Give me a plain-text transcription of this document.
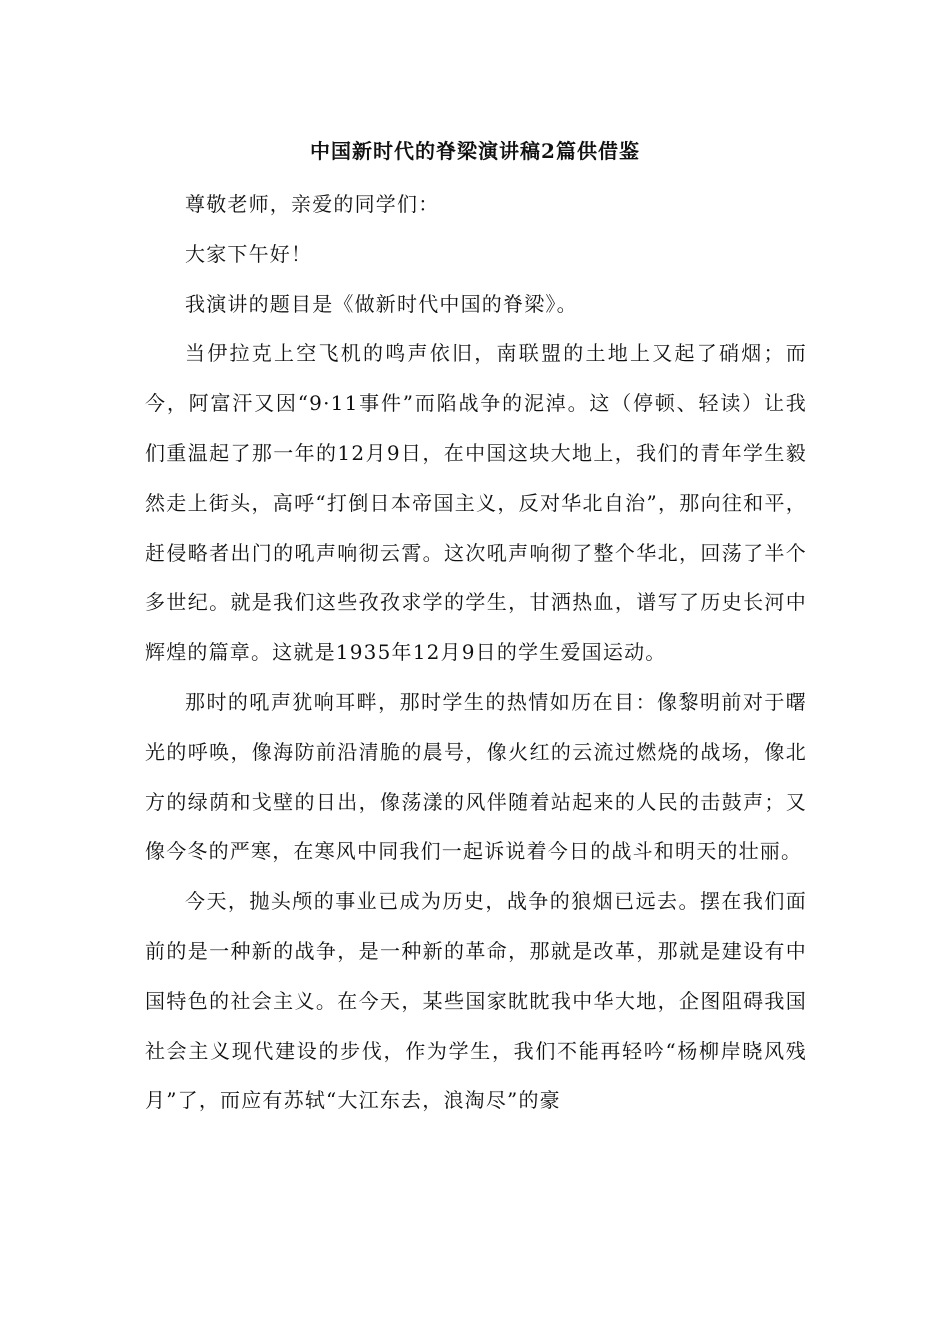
中国新时代的脊梁演讲稿2篇供借鉴

尊敬老师，亲爱的同学们：

大家下午好！

我演讲的题目是《做新时代中国的脊梁》。

当伊拉克上空飞机的鸣声依旧，南联盟的土地上又起了硝烟；而今，阿富汗又因“9·11事件”而陷战争的泥淖。这（停顿、轻读）让我们重温起了那一年的12月9日，在中国这块大地上，我们的青年学生毅然走上街头，高呼“打倒日本帝国主义，反对华北自治”，那向往和平，赶侵略者出门的吼声响彻云霄。这次吼声响彻了整个华北，回荡了半个多世纪。就是我们这些孜孜求学的学生，甘洒热血，谱写了历史长河中辉煌的篇章。这就是1935年12月9日的学生爱国运动。

那时的吼声犹响耳畔，那时学生的热情如历在目：像黎明前对于曙光的呼唤，像海防前沿清脆的晨号，像火红的云流过燃烧的战场，像北方的绿荫和戈壁的日出，像荡漾的风伴随着站起来的人民的击鼓声；又像今冬的严寒，在寒风中同我们一起诉说着今日的战斗和明天的壮丽。

今天，抛头颅的事业已成为历史，战争的狼烟已远去。摆在我们面前的是一种新的战争，是一种新的革命，那就是改革，那就是建设有中国特色的社会主义。在今天，某些国家眈眈我中华大地，企图阻碍我国社会主义现代建设的步伐，作为学生，我们不能再轻吟“杨柳岸晓风残月”了，而应有苏轼“大江东去，浪淘尽”的豪
